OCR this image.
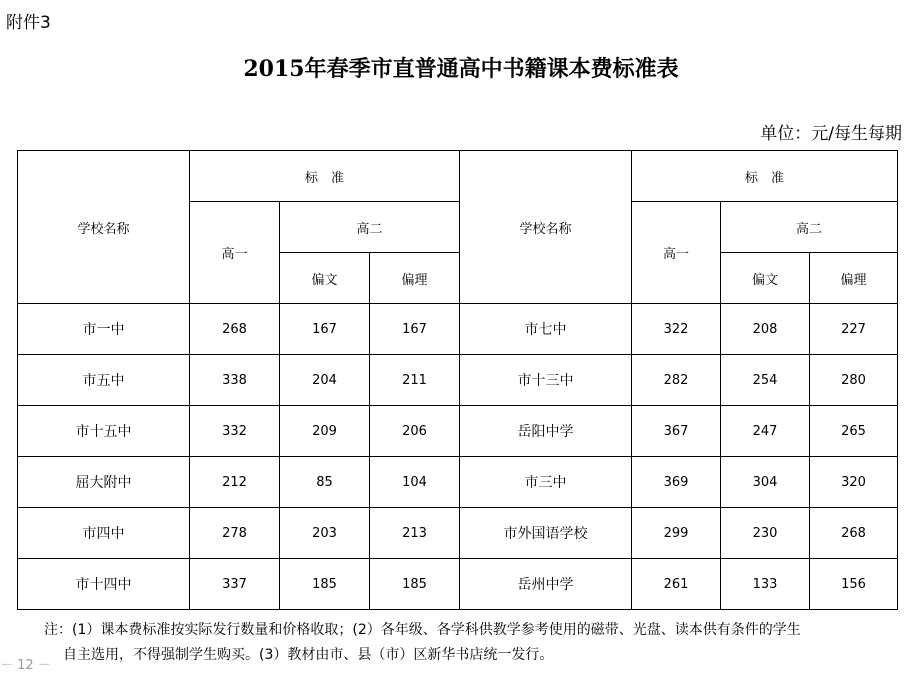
附件3
2015年春季市直普通高中书籍课本费标准表
单位：元/每生每期
学校名称	标　准			学校名称	标　准		
	高一	高二			高一	高二	
		偏文	偏理			偏文	偏理
市一中	268	167	167	市七中	322	208	227
市五中	338	204	211	市十三中	282	254	280
市十五中	332	209	206	岳阳中学	367	247	265
屈大附中	212	85	104	市三中	369	304	320
市四中	278	203	213	市外国语学校	299	230	268
市十四中	337	185	185	岳州中学	261	133	156
注：(1）课本费标准按实际发行数量和价格收取；(2）各年级、各学科供教学参考使用的磁带、光盘、读本供有条件的学生
自主选用，不得强制学生购买。(3）教材由市、县（市）区新华书店统一发行。
－ 12 －
